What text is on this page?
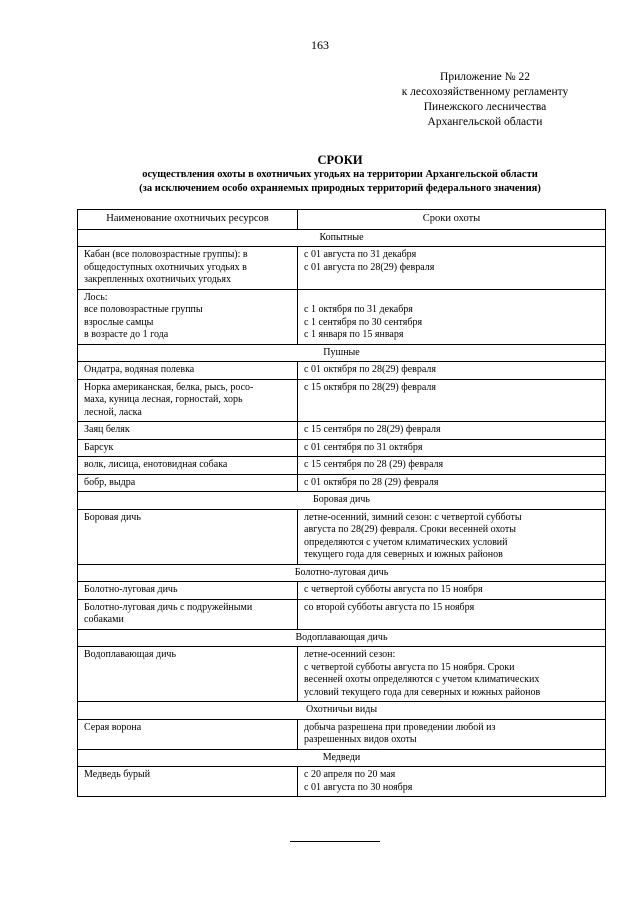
163
Приложение № 22
к лесохозяйственному регламенту
Пинежского лесничества
Архангельской области
СРОКИ
осуществления охоты в охотничьих угодьях на территории Архангельской области
(за исключением особо охраняемых природных территорий федерального значения)
Наименование охотничьих ресурсов	Сроки охоты
Копытные	

Кабан (все половозрастные группы): в
общедоступных охотничьих угодьях в
закрепленных охотничьих угодьях	с 01 августа по 31 декабря
с 01 августа по 28(29) февраля

Лось:
все половозрастные группы
взрослые самцы
в возрасте до 1 года	с 1 октября по 31 декабря
с 1 сентября по 30 сентября
с 1 января по 15 января

Пушные	
Ондатра, водяная полевка	с 01 октября по 28(29) февраля

Норка американская, белка, рысь, росо-
маха, куница лесная, горностай, хорь
лесной, ласка	с 15 октября по 28(29) февраля
Заяц беляк	с 15 сентября по 28(29) февраля
Барсук	с 01 сентября по 31 октября
волк, лисица, енотовидная собака	с 15 сентября по 28 (29) февраля
бобр, выдра	с 01 октября по 28 (29) февраля
Боровая дичь	
Боровая дичь	летне-осенний, зимний сезон: с четвертой субботы
августа по 28(29) февраля. Сроки весенней охоты
определяются с учетом климатических условий
текущего года для северных и южных районов

Болотно-луговая дичь	
Болотно-луговая дичь	с четвертой субботы августа по 15 ноября

Болотно-луговая дичь с подружейными
собаками	со второй субботы августа по 15 ноября
Водоплавающая дичь	
Водоплавающая дичь	летне-осенний сезон:
с четвертой субботы августа по 15 ноября. Сроки
весенней охоты определяются с учетом климатических
условий текущего года для северных и южных районов

Охотничьи виды	
Серая ворона	добыча разрешена при проведении любой из
разрешенных видов охоты

Медведи	
Медведь бурый	с 20 апреля по 20 мая
с 01 августа по 30 ноября
